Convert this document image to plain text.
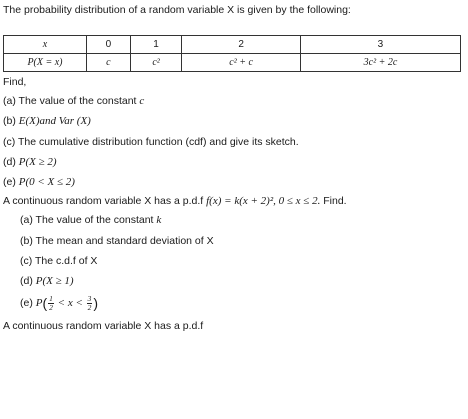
The probability distribution of a random variable X is given by the following:
x	0	1	2	3
P(X = x)	c	c²	c² + c	3c² + 2c
Find,
(a) The value of the constant c
(b) E(X)and Var (X)
(c) The cumulative distribution function (cdf) and give its sketch.
(d) P(X ≥ 2)
(e) P(0 < X ≤ 2)
A continuous random variable X has a p.d.f f(x) = k(x + 2)², 0 ≤ x ≤ 2. Find.
(a) The value of the constant k
(b) The mean and standard deviation of X
(c) The c.d.f of X
(d) P(X ≥ 1)
(e) $P( \frac{1}{2} < x < \frac{3}{2}$ )
A continuous random variable X has a p.d.f
